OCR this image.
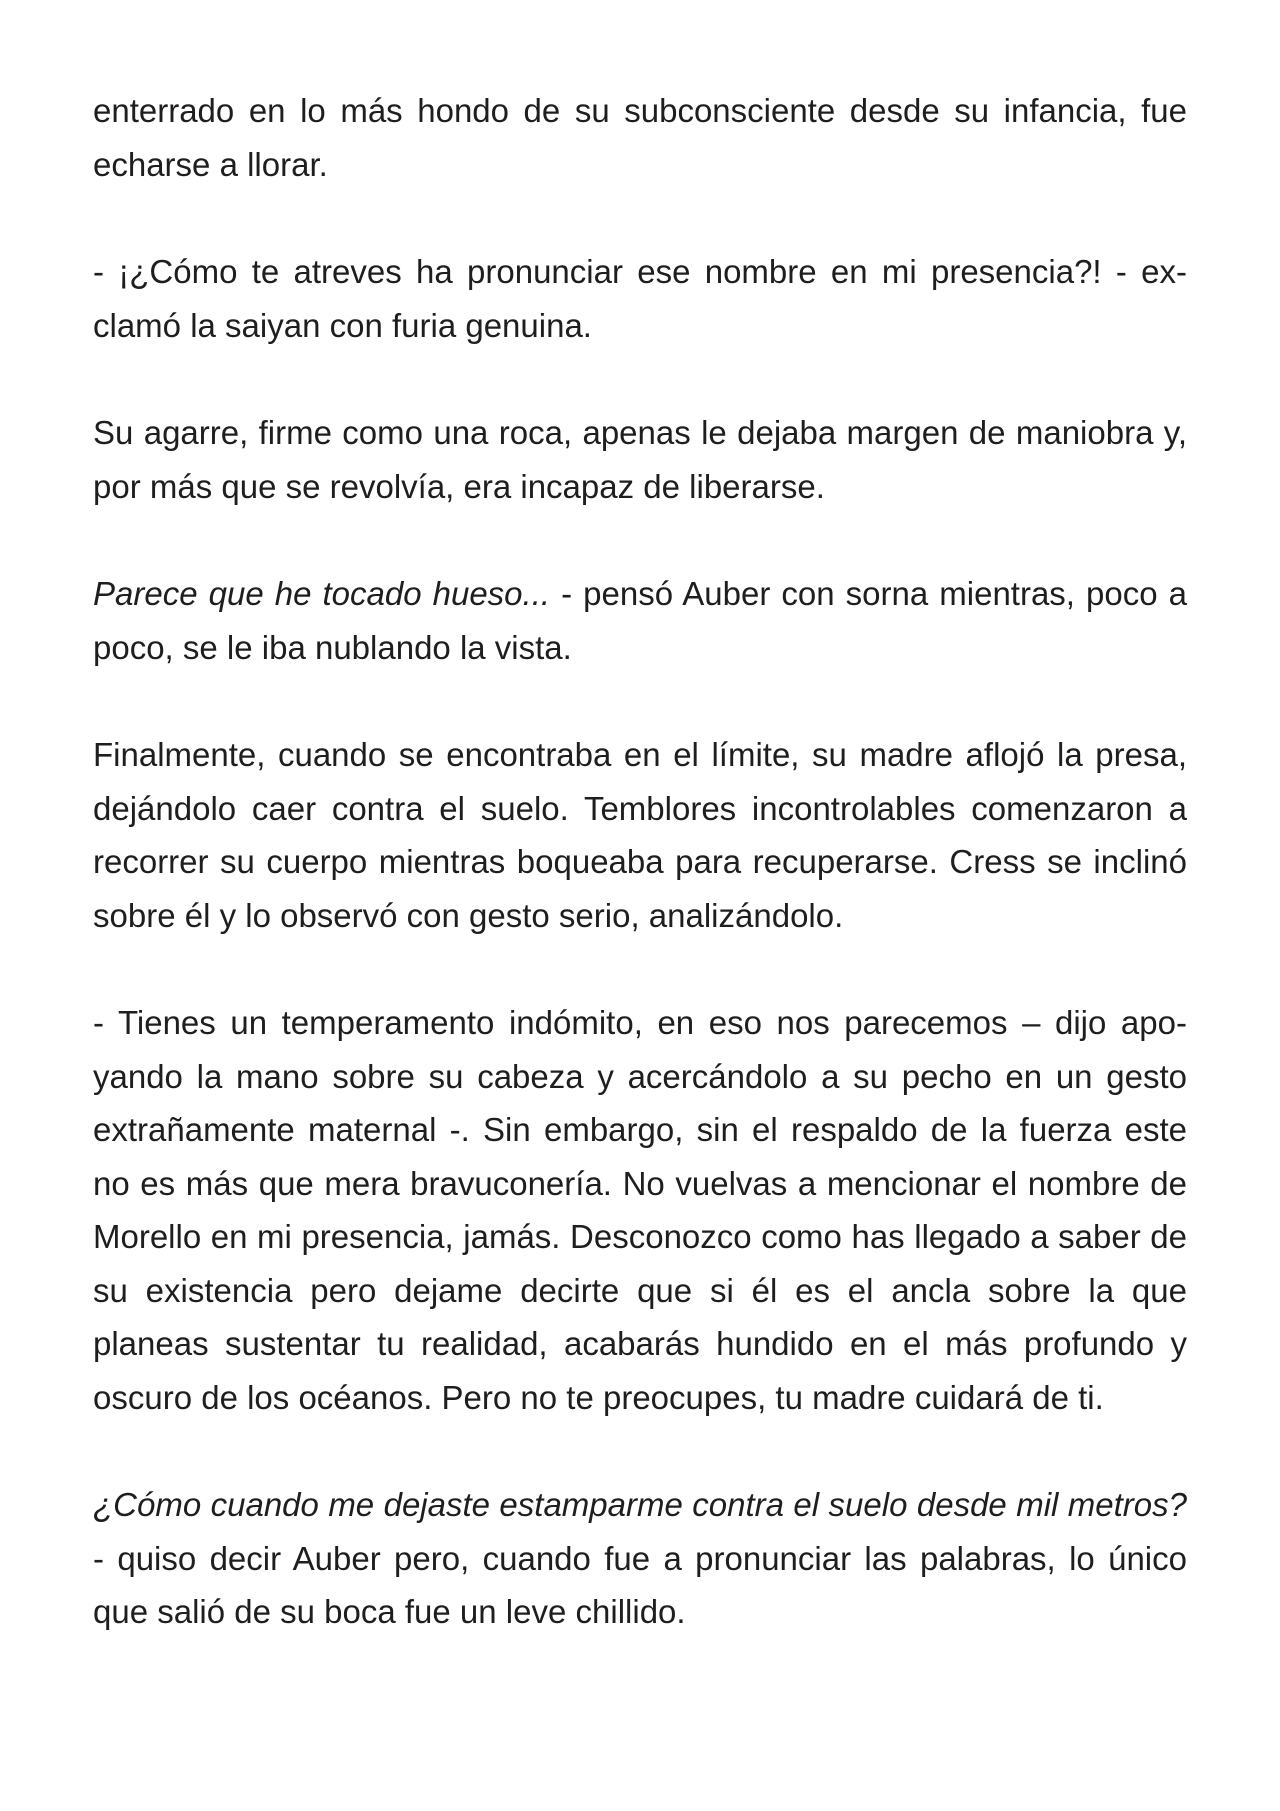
enterrado en lo más hondo de su subconsciente desde su infancia, fue echarse a llorar.

- ¡¿Cómo te atreves ha pronunciar ese nombre en mi presencia?! - exclamó la saiyan con furia genuina.

Su agarre, firme como una roca, apenas le dejaba margen de maniobra y, por más que se revolvía, era incapaz de liberarse.

Parece que he tocado hueso... - pensó Auber con sorna mientras, poco a poco, se le iba nublando la vista.

Finalmente, cuando se encontraba en el límite, su madre aflojó la presa, dejándolo caer contra el suelo. Temblores incontrolables comenzaron a recorrer su cuerpo mientras boqueaba para recuperarse. Cress se inclinó sobre él y lo observó con gesto serio, analizándolo.

- Tienes un temperamento indómito, en eso nos parecemos – dijo apoyando la mano sobre su cabeza y acercándolo a su pecho en un gesto extrañamente maternal -. Sin embargo, sin el respaldo de la fuerza este no es más que mera bravuconería. No vuelvas a mencionar el nombre de Morello en mi presencia, jamás. Desconozco como has llegado a saber de su existencia pero dejame decirte que si él es el ancla sobre la que planeas sustentar tu realidad, acabarás hundido en el más profundo y oscuro de los océanos. Pero no te preocupes, tu madre cuidará de ti.

¿Cómo cuando me dejaste estamparme contra el suelo desde mil metros? - quiso decir Auber pero, cuando fue a pronunciar las palabras, lo único que salió de su boca fue un leve chillido.
